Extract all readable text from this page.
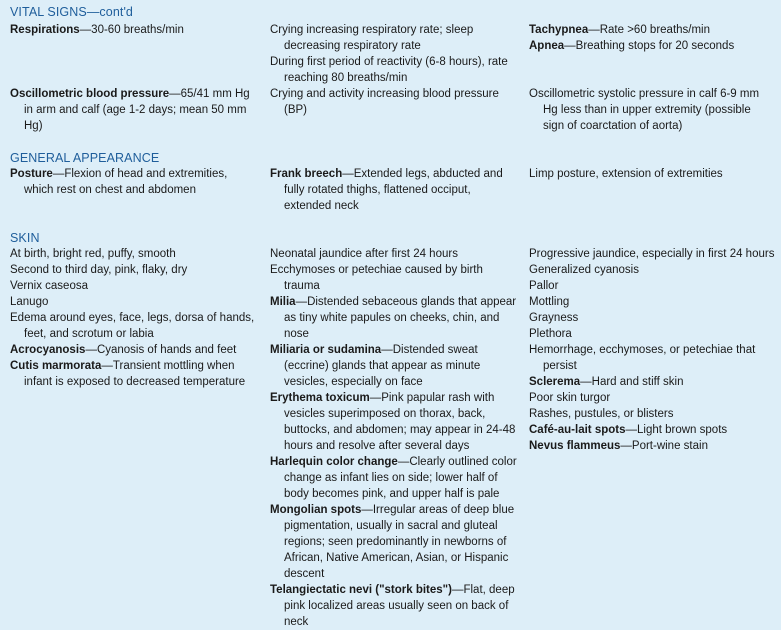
VITAL SIGNS—cont'd
GENERAL APPEARANCE
SKIN

Respirations—30-60 breaths/min

Oscillometric blood pressure—65/41 mm Hg in arm and calf (age 1-2 days; mean 50 mm Hg)

Posture—Flexion of head and extremities, which rest on chest and abdomen

At birth, bright red, puffy, smooth

Second to third day, pink, flaky, dry

Vernix caseosa

Lanugo

Edema around eyes, face, legs, dorsa of hands, feet, and scrotum or labia

Acrocyanosis—Cyanosis of hands and feet

Cutis marmorata—Transient mottling when infant is exposed to decreased temperature

Crying increasing respiratory rate; sleep decreasing respiratory rate

During first period of reactivity (6-8 hours), rate reaching 80 breaths/min

Crying and activity increasing blood pressure (BP)

Frank breech—Extended legs, abducted and fully rotated thighs, flattened occiput, extended neck

Neonatal jaundice after first 24 hours

Ecchymoses or petechiae caused by birth trauma

Milia—Distended sebaceous glands that appear as tiny white papules on cheeks, chin, and nose

Miliaria or sudamina—Distended sweat (eccrine) glands that appear as minute vesicles, especially on face

Erythema toxicum—Pink papular rash with vesicles superimposed on thorax, back, buttocks, and abdomen; may appear in 24-48 hours and resolve after several days

Harlequin color change—Clearly outlined color change as infant lies on side; lower half of body becomes pink, and upper half is pale

Mongolian spots—Irregular areas of deep blue pigmentation, usually in sacral and gluteal regions; seen predominantly in newborns of African, Native American, Asian, or Hispanic descent

Telangiectatic nevi ("stork bites")—Flat, deep pink localized areas usually seen on back of neck

Tachypnea—Rate >60 breaths/min

Apnea—Breathing stops for 20 seconds

Oscillometric systolic pressure in calf 6-9 mm Hg less than in upper extremity (possible sign of coarctation of aorta)

Limp posture, extension of extremities

Progressive jaundice, especially in first 24 hours

Generalized cyanosis

Pallor

Mottling

Grayness

Plethora

Hemorrhage, ecchymoses, or petechiae that persist

Sclerema—Hard and stiff skin

Poor skin turgor

Rashes, pustules, or blisters

Café-au-lait spots—Light brown spots

Nevus flammeus—Port-wine stain
